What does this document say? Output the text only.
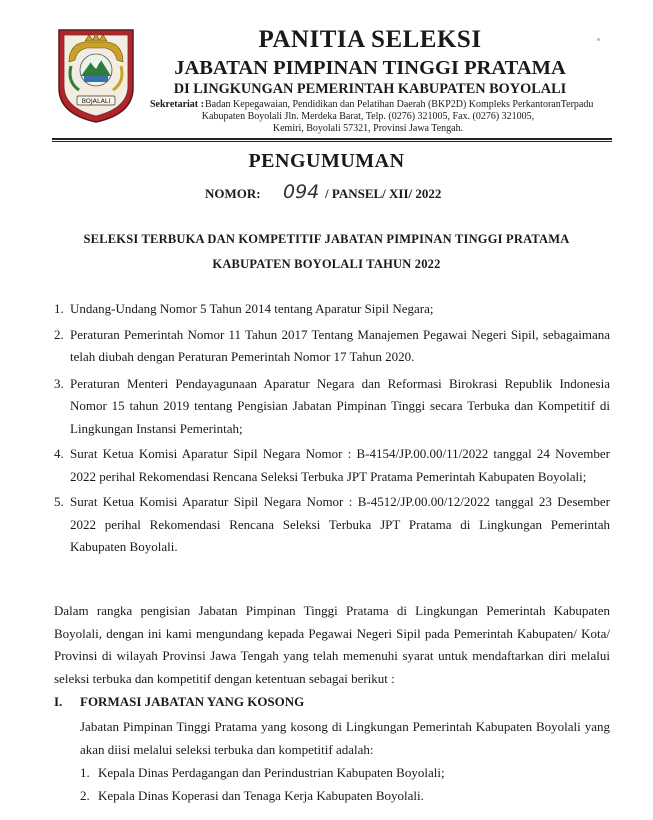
BOJALALI
PANITIA SELEKSI
JABATAN PIMPINAN TINGGI PRATAMA
DI LINGKUNGAN PEMERINTAH KABUPATEN BOYOLALI
Sekretariat : Badan Kepegawaian, Pendidikan dan Pelatihan Daerah (BKP2D) Kompleks PerkantoranTerpadu
Kabupaten Boyolali Jln. Merdeka Barat, Telp. (0276) 321005, Fax. (0276) 321005,
Kemiri, Boyolali 57321, Provinsi Jawa Tengah.
PENGUMUMAN
NOMOR: 094 / PANSEL/ XII/ 2022
SELEKSI TERBUKA DAN KOMPETITIF JABATAN PIMPINAN TINGGI PRATAMA
KABUPATEN BOYOLALI TAHUN 2022
1. Undang-Undang Nomor 5 Tahun 2014 tentang Aparatur Sipil Negara;
2. Peraturan Pemerintah Nomor 11 Tahun 2017 Tentang Manajemen Pegawai Negeri Sipil, sebagaimana telah diubah dengan Peraturan Pemerintah Nomor 17 Tahun 2020.
3. Peraturan Menteri Pendayagunaan Aparatur Negara dan Reformasi Birokrasi Republik Indonesia Nomor 15 tahun 2019 tentang Pengisian Jabatan Pimpinan Tinggi secara Terbuka dan Kompetitif di Lingkungan Instansi Pemerintah;
4. Surat Ketua Komisi Aparatur Sipil Negara Nomor : B-4154/JP.00.00/11/2022 tanggal 24 November 2022 perihal Rekomendasi Rencana Seleksi Terbuka JPT Pratama Pemerintah Kabupaten Boyolali;
5. Surat Ketua Komisi Aparatur Sipil Negara Nomor : B-4512/JP.00.00/12/2022 tanggal 23 Desember 2022 perihal Rekomendasi Rencana Seleksi Terbuka JPT Pratama di Lingkungan Pemerintah Kabupaten Boyolali.
Dalam rangka pengisian Jabatan Pimpinan Tinggi Pratama di Lingkungan Pemerintah Kabupaten Boyolali, dengan ini kami mengundang kepada Pegawai Negeri Sipil pada Pemerintah Kabupaten/ Kota/ Provinsi di wilayah Provinsi Jawa Tengah yang telah memenuhi syarat untuk mendaftarkan diri melalui seleksi terbuka dan kompetitif dengan ketentuan sebagai berikut :
I. FORMASI JABATAN YANG KOSONG
Jabatan Pimpinan Tinggi Pratama yang kosong di Lingkungan Pemerintah Kabupaten Boyolali yang akan diisi melalui seleksi terbuka dan kompetitif adalah:
1. Kepala Dinas Perdagangan dan Perindustrian Kabupaten Boyolali;
2. Kepala Dinas Koperasi dan Tenaga Kerja Kabupaten Boyolali.
